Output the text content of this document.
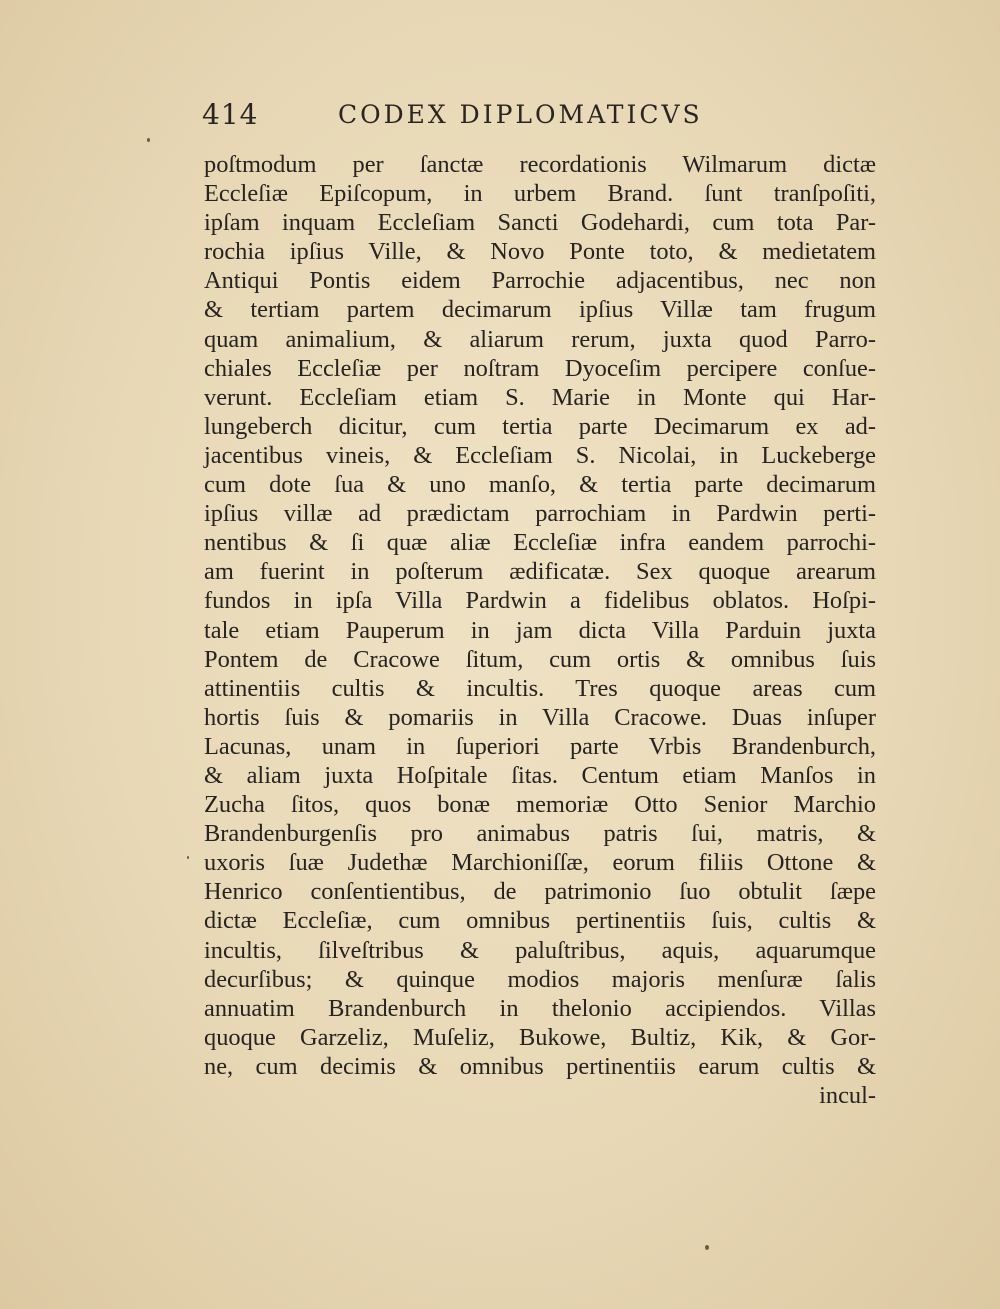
414	CODEX DIPLOMATICVS
poſtmodum per ſanctæ recordationis Wilmarum dictæ
Eccleſiæ Epiſcopum, in urbem Brand. ſunt tranſpoſiti,
ipſam inquam Eccleſiam Sancti Godehardi, cum tota Par-
rochia ipſius Ville, & Novo Ponte toto, & medietatem
Antiqui Pontis eidem Parrochie adjacentibus, nec non
& tertiam partem decimarum ipſius Villæ tam frugum
quam animalium, & aliarum rerum, juxta quod Parro-
chiales Eccleſiæ per noſtram Dyoceſim percipere conſue-
verunt. Eccleſiam etiam S. Marie in Monte qui Har-
lungeberch dicitur, cum tertia parte Decimarum ex ad-
jacentibus vineis, & Eccleſiam S. Nicolai, in Luckeberge
cum dote ſua & uno manſo, & tertia parte decimarum
ipſius villæ ad prædictam parrochiam in Pardwin perti-
nentibus & ſi quæ aliæ Eccleſiæ infra eandem parrochi-
am fuerint in poſterum ædificatæ. Sex quoque arearum
fundos in ipſa Villa Pardwin a fidelibus oblatos. Hoſpi-
tale etiam Pauperum in jam dicta Villa Parduin juxta
Pontem de Cracowe ſitum, cum ortis & omnibus ſuis
attinentiis cultis & incultis. Tres quoque areas cum
hortis ſuis & pomariis in Villa Cracowe. Duas inſuper
Lacunas, unam in ſuperiori parte Vrbis Brandenburch,
& aliam juxta Hoſpitale ſitas. Centum etiam Manſos in
Zucha ſitos, quos bonæ memoriæ Otto Senior Marchio
Brandenburgenſis pro animabus patris ſui, matris, &
uxoris ſuæ Judethæ Marchioniſſæ, eorum filiis Ottone &
Henrico conſentientibus, de patrimonio ſuo obtulit ſæpe
dictæ Eccleſiæ, cum omnibus pertinentiis ſuis, cultis &
incultis, ſilveſtribus & paluſtribus, aquis, aquarumque
decurſibus; & quinque modios majoris menſuræ ſalis
annuatim Brandenburch in thelonio accipiendos. Villas
quoque Garzeliz, Muſeliz, Bukowe, Bultiz, Kik, & Gor-
ne, cum decimis & omnibus pertinentiis earum cultis &
incul-
